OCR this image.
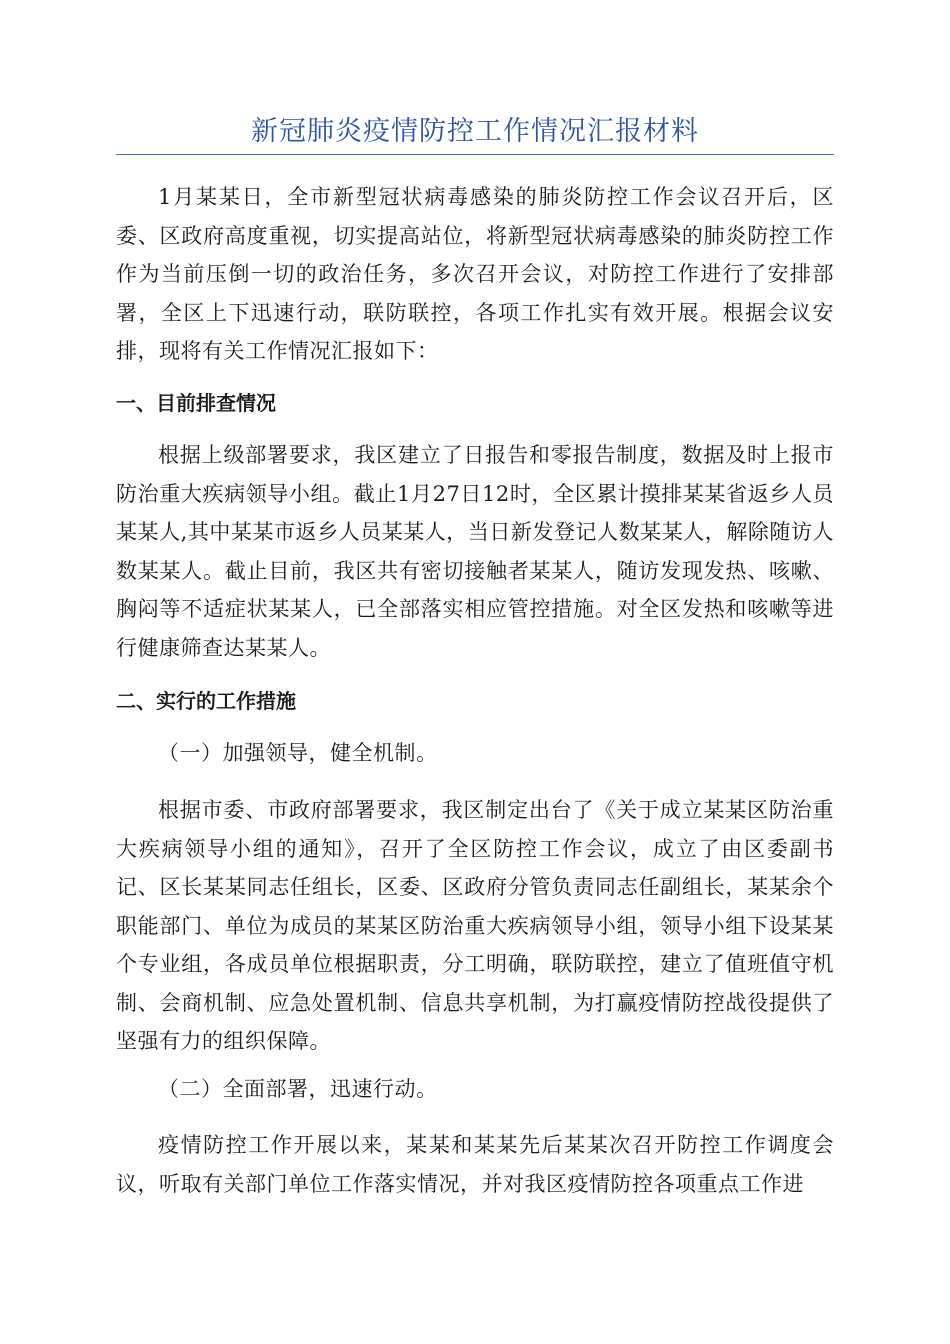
新冠肺炎疫情防控工作情况汇报材料
1月某某日，全市新型冠状病毒感染的肺炎防控工作会议召开后，区委、区政府高度重视，切实提高站位，将新型冠状病毒感染的肺炎防控工作作为当前压倒一切的政治任务，多次召开会议，对防控工作进行了安排部署，全区上下迅速行动，联防联控，各项工作扎实有效开展。根据会议安排，现将有关工作情况汇报如下：
一、目前排查情况
根据上级部署要求，我区建立了日报告和零报告制度，数据及时上报市防治重大疾病领导小组。截止1月27日12时，全区累计摸排某某省返乡人员某某人,其中某某市返乡人员某某人，当日新发登记人数某某人，解除随访人数某某人。截止目前，我区共有密切接触者某某人，随访发现发热、咳嗽、胸闷等不适症状某某人，已全部落实相应管控措施。对全区发热和咳嗽等进行健康筛查达某某人。
二、实行的工作措施
（一）加强领导，健全机制。
根据市委、市政府部署要求，我区制定出台了《关于成立某某区防治重大疾病领导小组的通知》，召开了全区防控工作会议，成立了由区委副书记、区长某某同志任组长，区委、区政府分管负责同志任副组长，某某余个职能部门、单位为成员的某某区防治重大疾病领导小组，领导小组下设某某个专业组，各成员单位根据职责，分工明确，联防联控，建立了值班值守机制、会商机制、应急处置机制、信息共享机制，为打赢疫情防控战役提供了坚强有力的组织保障。
（二）全面部署，迅速行动。
疫情防控工作开展以来，某某和某某先后某某次召开防控工作调度会议，听取有关部门单位工作落实情况，并对我区疫情防控各项重点工作进
